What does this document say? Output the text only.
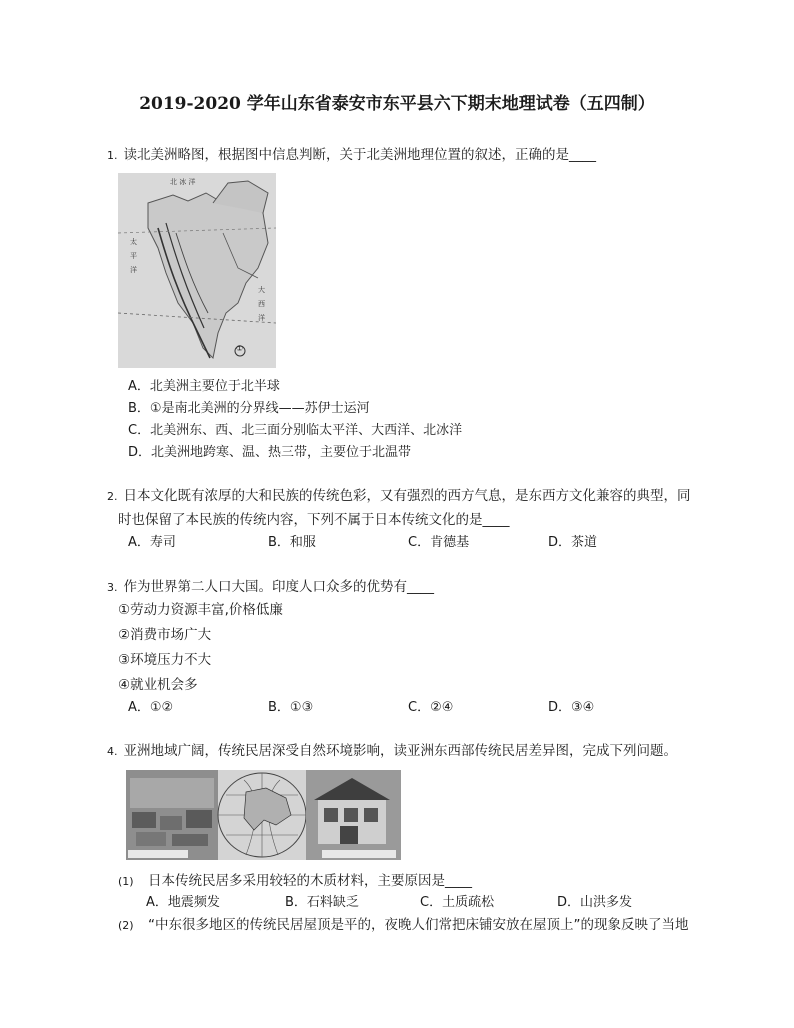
2019-2020 学年山东省泰安市东平县六下期末地理试卷（五四制）
1. 读北美洲略图，根据图中信息判断，关于北美洲地理位置的叙述，正确的是____
北 冰 洋
太
平
洋
大
西
洋
①
A．北美洲主要位于北半球
B．①是南北美洲的分界线——苏伊士运河
C．北美洲东、西、北三面分别临太平洋、大西洋、北冰洋
D．北美洲地跨寒、温、热三带，主要位于北温带
2. 日本文化既有浓厚的大和民族的传统色彩，又有强烈的西方气息，是东西方文化兼容的典型，同
时也保留了本民族的传统内容，下列不属于日本传统文化的是____
A．寿司	B．和服	C．肯德基	D．茶道
3. 作为世界第二人口大国。印度人口众多的优势有____
①劳动力资源丰富,价格低廉
②消费市场广大
③环境压力不大
④就业机会多
A．①②	B．①③	C．②④	D．③④
4. 亚洲地域广阔，传统民居深受自然环境影响，读亚洲东西部传统民居差异图，完成下列问题。
(1) 日本传统民居多采用较轻的木质材料，主要原因是____
A．地震频发	B．石料缺乏	C．土质疏松	D．山洪多发
(2) “中东很多地区的传统民居屋顶是平的，夜晚人们常把床铺安放在屋顶上”的现象反映了当地
